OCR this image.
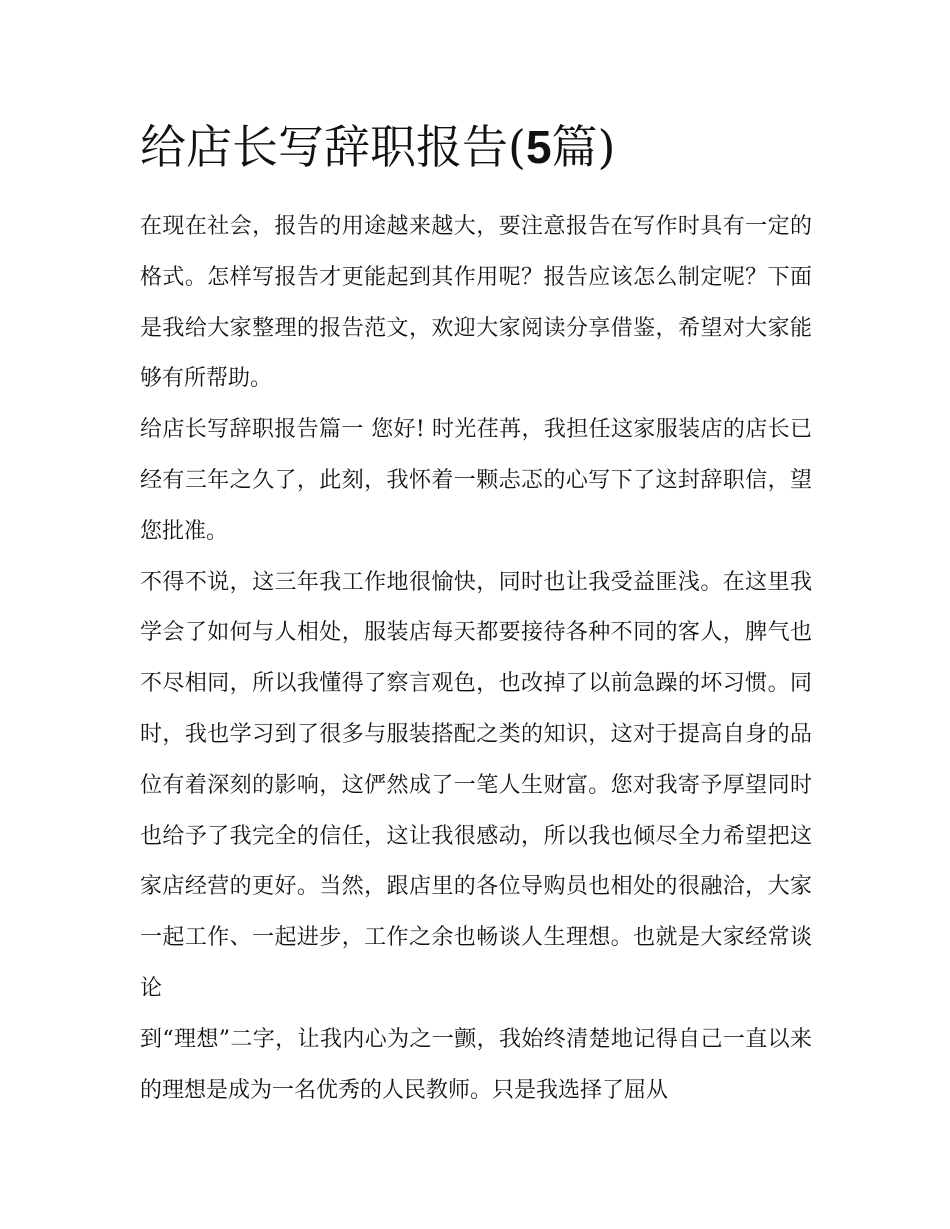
给店长写辞职报告(5篇)

在现在社会，报告的用途越来越大，要注意报告在写作时具有一定的格式。怎样写报告才更能起到其作用呢？报告应该怎么制定呢？下面是我给大家整理的报告范文，欢迎大家阅读分享借鉴，希望对大家能够有所帮助。

给店长写辞职报告篇一 您好! 时光荏苒，我担任这家服装店的店长已经有三年之久了，此刻，我怀着一颗忐忑的心写下了这封辞职信，望您批准。

不得不说，这三年我工作地很愉快，同时也让我受益匪浅。在这里我学会了如何与人相处，服装店每天都要接待各种不同的客人，脾气也不尽相同，所以我懂得了察言观色，也改掉了以前急躁的坏习惯。同时，我也学习到了很多与服装搭配之类的知识，这对于提高自身的品位有着深刻的影响，这俨然成了一笔人生财富。您对我寄予厚望同时也给予了我完全的信任，这让我很感动，所以我也倾尽全力希望把这家店经营的更好。当然，跟店里的各位导购员也相处的很融洽，大家一起工作、一起进步，工作之余也畅谈人生理想。也就是大家经常谈论

到“理想”二字，让我内心为之一颤，我始终清楚地记得自己一直以来的理想是成为一名优秀的人民教师。只是我选择了屈从
